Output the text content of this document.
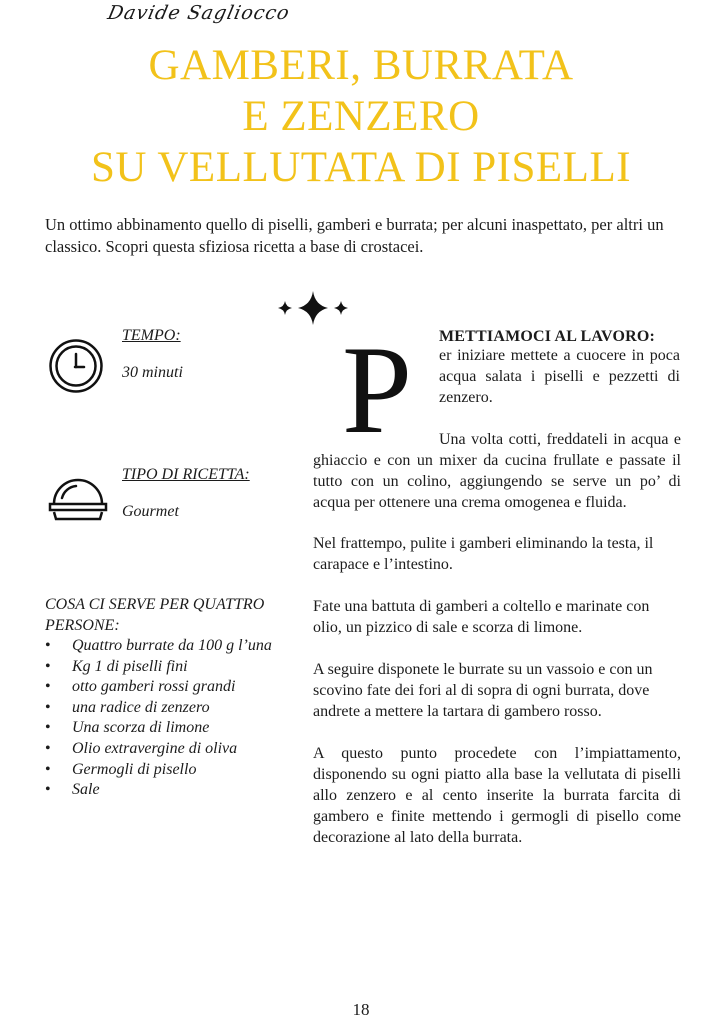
Davide Sagliocco
GAMBERI, BURRATA
E ZENZERO
SU VELLUTATA DI PISELLI
Un ottimo abbinamento quello di piselli, gamberi e burrata; per alcuni inaspettato, per altri un classico. Scopri questa sfiziosa ricetta a base di crostacei.
TEMPO:
30 minuti
TIPO DI RICETTA:
Gourmet
COSA CI SERVE PER QUATTRO PERSONE:
• Quattro burrate da 100 g l’una
• Kg 1 di piselli fini
• otto gamberi rossi grandi
• una radice di zenzero
• Una scorza di limone
• Olio extravergine di oliva
• Germogli di pisello
• Sale
P METTIAMOCI AL LAVORO:

er iniziare mettete a cuocere in poca acqua salata i piselli e pezzetti di zenzero.

Una volta cotti, freddateli in acqua e ghiaccio e con un mixer da cucina frullate e passate il tutto con un colino, aggiungendo se serve un po’ di acqua per ottenere una crema omogenea e fluida.

Nel frattempo, pulite i gamberi eliminando la testa, il carapace e l’intestino.

Fate una battuta di gamberi a coltello e marinate con olio, un pizzico di sale e scorza di limone.

A seguire disponete le burrate su un vassoio e con un scovino fate dei fori al di sopra di ogni burrata, dove andrete a mettere la tartara di gambero rosso.

A questo punto procedete con l’impiattamento, disponendo su ogni piatto alla base la vellutata di piselli allo zenzero e al cento inserite la burrata farcita di gambero e finite mettendo i germogli di pisello come decorazione al lato della burrata.

18
